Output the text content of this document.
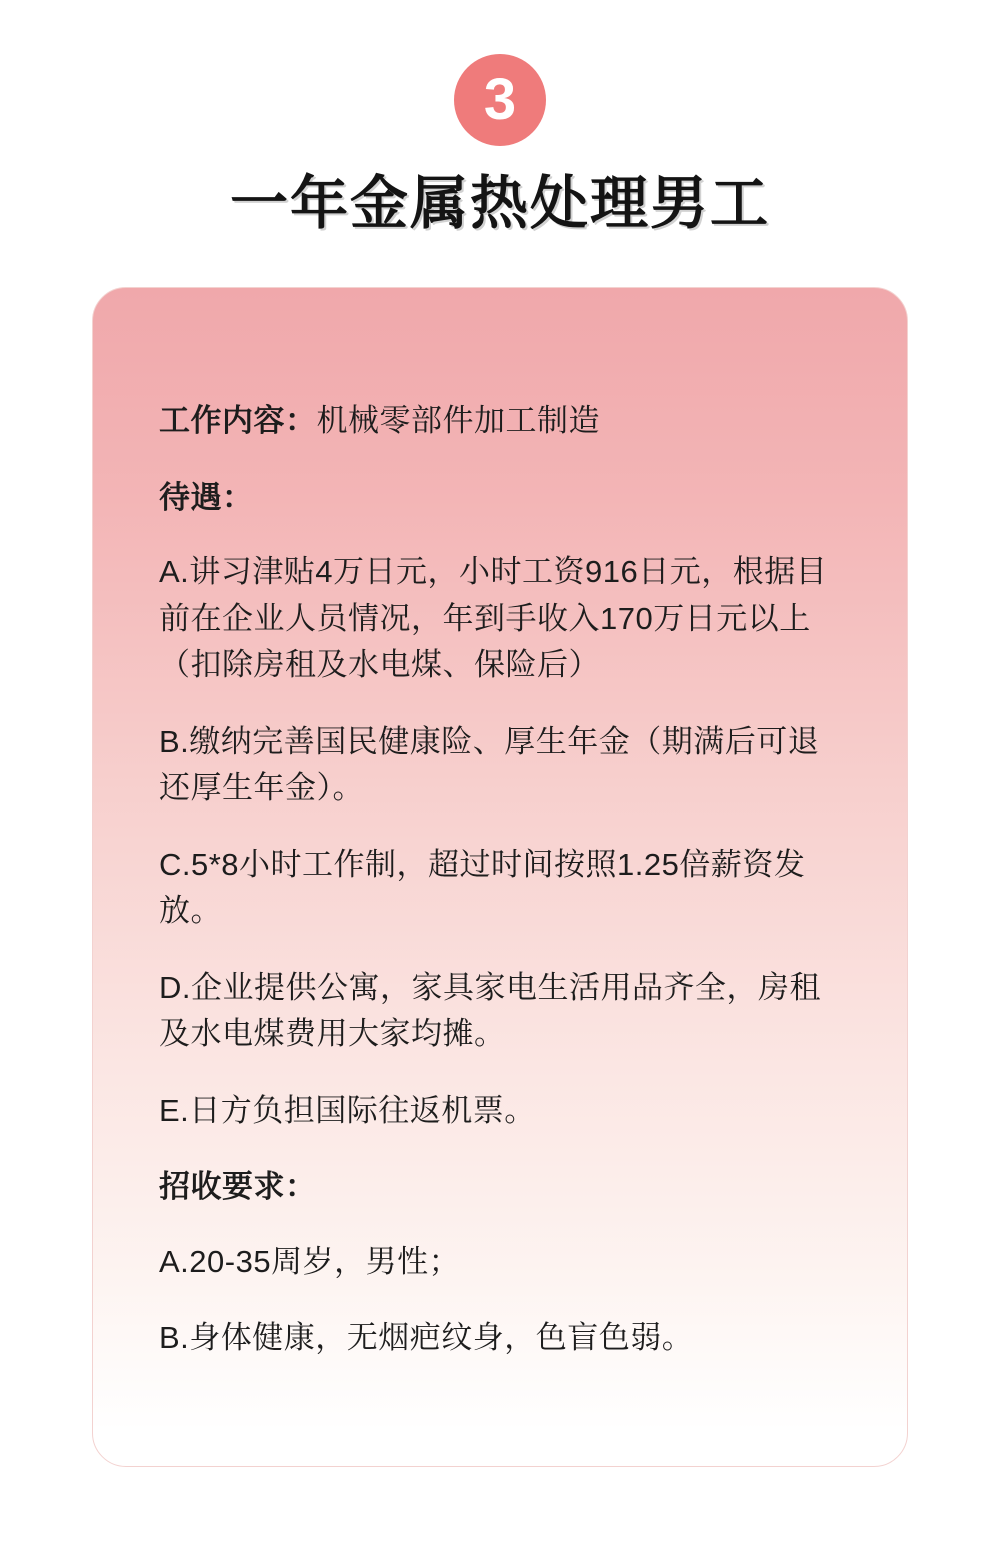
3
一年金属热处理男工

工作内容：机械零部件加工制造

待遇：

A.讲习津贴4万日元，小时工资916日元，根据目前在企业人员情况，年到手收入170万日元以上（扣除房租及水电煤、保险后）

B.缴纳完善国民健康险、厚生年金（期满后可退还厚生年金）。

C.5*8小时工作制，超过时间按照1.25倍薪资发放。

D.企业提供公寓，家具家电生活用品齐全，房租及水电煤费用大家均摊。

E.日方负担国际往返机票。

招收要求：

A.20-35周岁，男性；

B.身体健康，无烟疤纹身，色盲色弱。
